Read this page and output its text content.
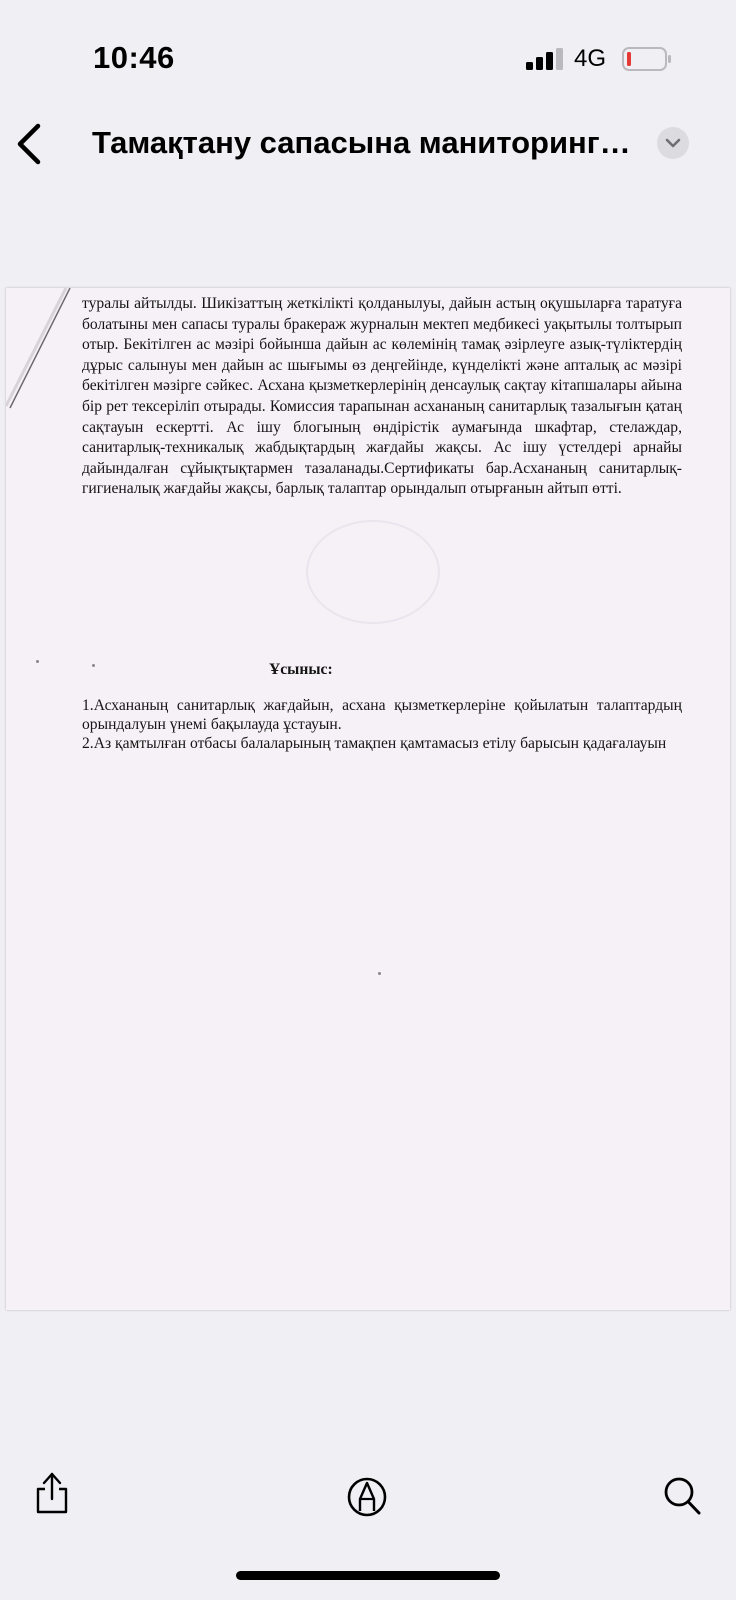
10:46	4G
Тамақтану сапасына маниторинг…
туралы айтылды. Шикізаттың жеткілікті қолданылуы, дайын астың оқушыларға таратуға болатыны мен сапасы туралы бракераж журналын мектеп медбикесі уақытылы толтырып отыр. Бекітілген ас мәзірі бойынша дайын ас көлемінің тамақ әзірлеуге азық-түліктердің дұрыс салынуы мен дайын ас шығымы өз деңгейінде, күнделікті және апталық ас мәзірі бекітілген мәзірге сәйкес. Асхана қызметкерлерінің денсаулық сақтау кітапшалары айына бір рет тексеріліп отырады. Комиссия тарапынан асхананың санитарлық тазалығын қатаң сақтауын ескертті. Ас ішу блогының өндірістік аумағында шкафтар, стелаждар, санитарлық-техникалық жабдықтардың жағдайы жақсы. Ас ішу үстелдері арнайы дайындалған сұйықтықтармен тазаланады.Сертификаты бар.Асхананың санитарлық-гигиеналық жағдайы жақсы, барлық талаптар орындалып отырғанын айтып өтті.
Ұсыныс:

1.Асхананың санитарлық жағдайын, асхана қызметкерлеріне қойылатын талаптардың орындалуын үнемі бақылауда ұстауын.

2.Аз қамтылған отбасы балаларының тамақпен қамтамасыз етілу барысын қадағалауын
